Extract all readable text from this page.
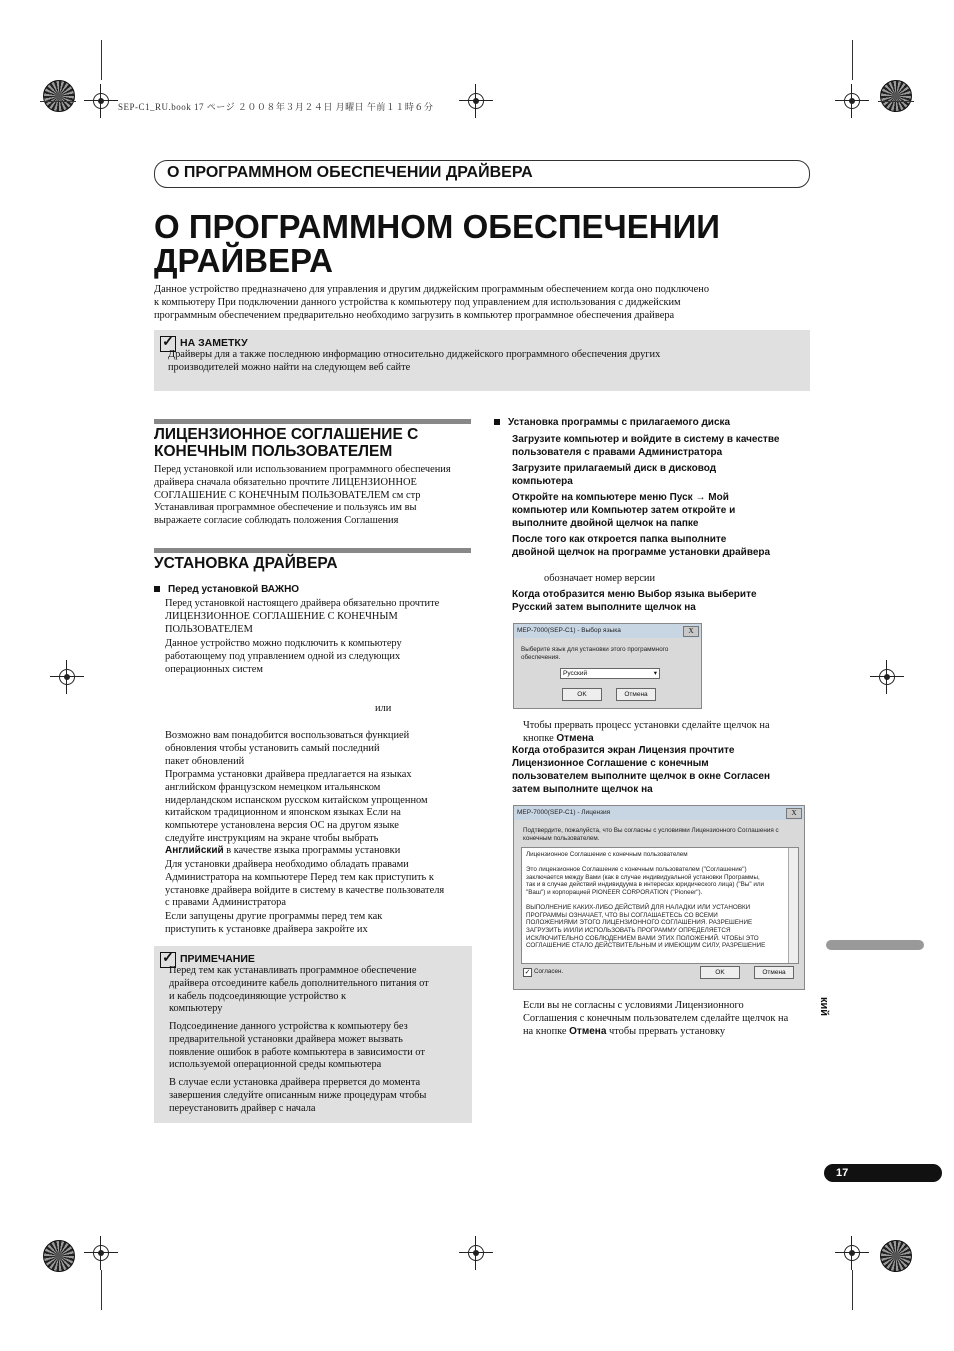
SEP-C1_RU.book 17 ページ ２００８年３月２４日 月曜日 午前１１時６分
О ПРОГРАММНОМ ОБЕСПЕЧЕНИИ ДРАЙВЕРА
О ПРОГРАММНОМ ОБЕСПЕЧЕНИИ
ДРАЙВЕРА
Данное устройство предназначено для управления и другим диджейским программным обеспечением когда оно подключено
к компьютеру При подключении данного устройства к компьютеру под управлением для использования с диджейским
программным обеспечением предварительно необходимо загрузить в компьютер программное обеспечения драйвера
✓ НА ЗАМЕТКУ
Драйверы для а также последнюю информацию относительно диджейского программного обеспечения других
производителей можно найти на следующем веб сайте
ЛИЦЕНЗИОННОЕ СОГЛАШЕНИЕ С
КОНЕЧНЫМ ПОЛЬЗОВАТЕЛЕМ
Перед установкой или использованием программного обеспечения
драйвера сначала обязательно прочтите ЛИЦЕНЗИОННОЕ
СОГЛАШЕНИЕ С КОНЕЧНЫМ ПОЛЬЗОВАТЕЛЕМ см стр
Устанавливая программное обеспечение и пользуясь им вы
выражаете согласие соблюдать положения Соглашения
УСТАНОВКА ДРАЙВЕРА
Перед установкой ВАЖНО
Перед установкой настоящего драйвера обязательно прочтите
ЛИЦЕНЗИОННОЕ СОГЛАШЕНИЕ С КОНЕЧНЫМ
ПОЛЬЗОВАТЕЛЕМ
Данное устройство можно подключить к компьютеру
работающему под управлением одной из следующих
операционных систем
или
Возможно вам понадобится воспользоваться функцией
обновления чтобы установить самый последний
пакет обновлений
Программа установки драйвера предлагается на языках
английском французском немецком итальянском
нидерландском испанском русском китайском упрощенном
китайском традиционном и японском языках Если на
компьютере установлена версия ОС на другом языке
следуйте инструкциям на экране чтобы выбрать
Английский в качестве языка программы установки
Для установки драйвера необходимо обладать правами
Администратора на компьютере Перед тем как приступить к
установке драйвера войдите в систему в качестве пользователя
с правами Администратора
Если запущены другие программы перед тем как
приступить к установке драйвера закройте их
✓ ПРИМЕЧАНИЕ
Перед тем как устанавливать программное обеспечение
драйвера отсоедините кабель дополнительного питания от
и кабель подсоединяющие устройство к
компьютеру
Подсоединение данного устройства к компьютеру без
предварительной установки драйвера может вызвать
появление ошибок в работе компьютера в зависимости от
используемой операционной среды компьютера
В случае если установка драйвера прервется до момента
завершения следуйте описанным ниже процедурам чтобы
переустановить драйвер с начала
Установка программы с прилагаемого диска
Загрузите компьютер и войдите в систему в качестве
пользователя с правами Администратора
Загрузите прилагаемый диск в дисковод
компьютера
Откройте на компьютере меню Пуск → Мой
компьютер или Компьютер затем откройте и
выполните двойной щелчок на папке
После того как откроется папка выполните
двойной щелчок на программе установки драйвера
обозначает номер версии
Когда отобразится меню Выбор языка выберите
Русский затем выполните щелчок на
MEP-7000(SEP-C1) - Выбор языка	X
Выберите язык для установки этого программного
обеспечения.
Русский	▾
OK	Отмена
Чтобы прервать процесс установки сделайте щелчок на
кнопке Отмена
Когда отобразится экран Лицензия прочтите
Лицензионное Соглашение с конечным
пользователем выполните щелчок в окне Согласен
затем выполните щелчок на
MEP-7000(SEP-C1) - Лицензия	X
Подтвердите, пожалуйста, что Вы согласны с условиями Лицензионного Соглашения с
конечным пользователем.
Лицензионное Соглашение с конечным пользователем

Это лицензионное Соглашение с конечным пользователем ("Соглашение")
заключается между Вами (как в случае индивидуальной установки Программы,
так и в случае действий индивидуума в интересах юридического лица) ("Вы" или
"Ваш") и корпорацией PIONEER CORPORATION ("Pioneer").

ВЫПОЛНЕНИЕ КАКИХ-ЛИБО ДЕЙСТВИЙ ДЛЯ НАЛАДКИ ИЛИ УСТАНОВКИ
ПРОГРАММЫ ОЗНАЧАЕТ, ЧТО ВЫ СОГЛАШАЕТЕСЬ СО ВСЕМИ
ПОЛОЖЕНИЯМИ ЭТОГО ЛИЦЕНЗИОННОГО СОГЛАШЕНИЯ. РАЗРЕШЕНИЕ
ЗАГРУЗИТЬ И/ИЛИ ИСПОЛЬЗОВАТЬ ПРОГРАММУ ОПРЕДЕЛЯЕТСЯ
ИСКЛЮЧИТЕЛЬНО СОБЛЮДЕНИЕМ ВАМИ ЭТИХ ПОЛОЖЕНИЙ. ЧТОБЫ ЭТО
СОГЛАШЕНИЕ СТАЛО ДЕЙСТВИТЕЛЬНЫМ И ИМЕЮЩИМ СИЛУ, РАЗРЕШЕНИЕ
✓ Согласен.	OK	Отмена
Если вы не согласны с условиями Лицензионного
Соглашения с конечным пользователем сделайте щелчок на
на кнопке Отмена чтобы прервать установку
кий
17
